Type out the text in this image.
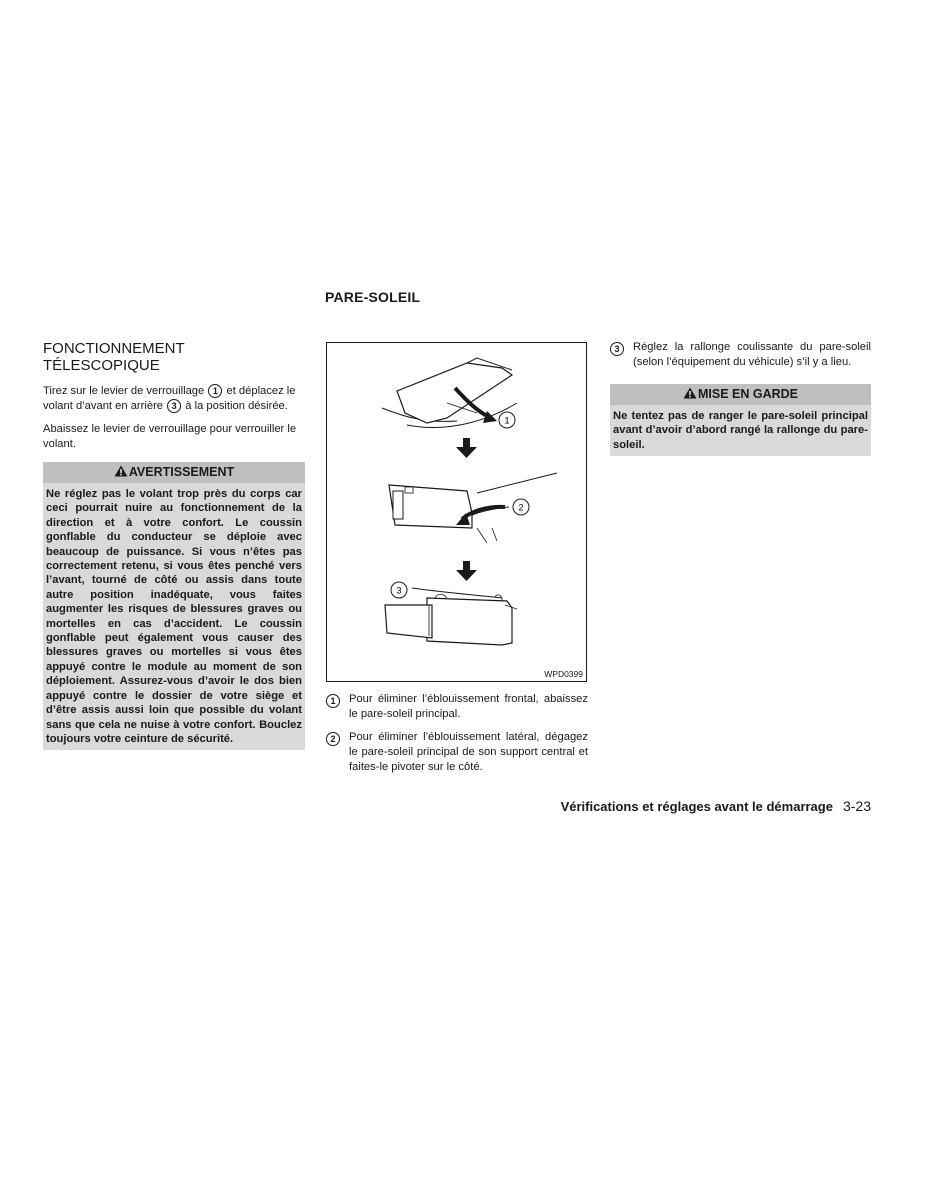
PARE-SOLEIL
FONCTIONNEMENT
TÉLESCOPIQUE

Tirez sur le levier de verrouillage 1 et déplacez le volant d’avant en arrière 3 à la position désirée.

Abaissez le levier de verrouillage pour verrouiller le volant.

AVERTISSEMENT
Ne réglez pas le volant trop près du corps car ceci pourrait nuire au fonctionnement de la direction et à votre confort. Le coussin gonflable du conducteur se déploie avec beaucoup de puissance. Si vous n’êtes pas correctement retenu, si vous êtes penché vers l’avant, tourné de côté ou assis dans toute autre position inadéquate, vous faites augmenter les risques de blessures graves ou mortelles en cas d’accident. Le coussin gonflable peut également vous causer des blessures graves ou mortelles si vous êtes appuyé contre le module au moment de son déploiement. Assurez-vous d’avoir le dos bien appuyé contre le dossier de votre siège et d’être assis aussi loin que possible du volant sans que cela ne nuise à votre confort. Bouclez toujours votre ceinture de sécurité.
1
2
3
WPD0399
1	Pour éliminer l’éblouissement frontal, abaissez le pare-soleil principal.
2	Pour éliminer l’éblouissement latéral, dégagez le pare-soleil principal de son support central et faites-le pivoter sur le côté.
3	Réglez la rallonge coulissante du pare-soleil (selon l’équipement du véhicule) s’il y a lieu.
MISE EN GARDE
Ne tentez pas de ranger le pare-soleil principal avant d’avoir d’abord rangé la rallonge du pare-soleil.
Vérifications et réglages avant le démarrage 3-23
